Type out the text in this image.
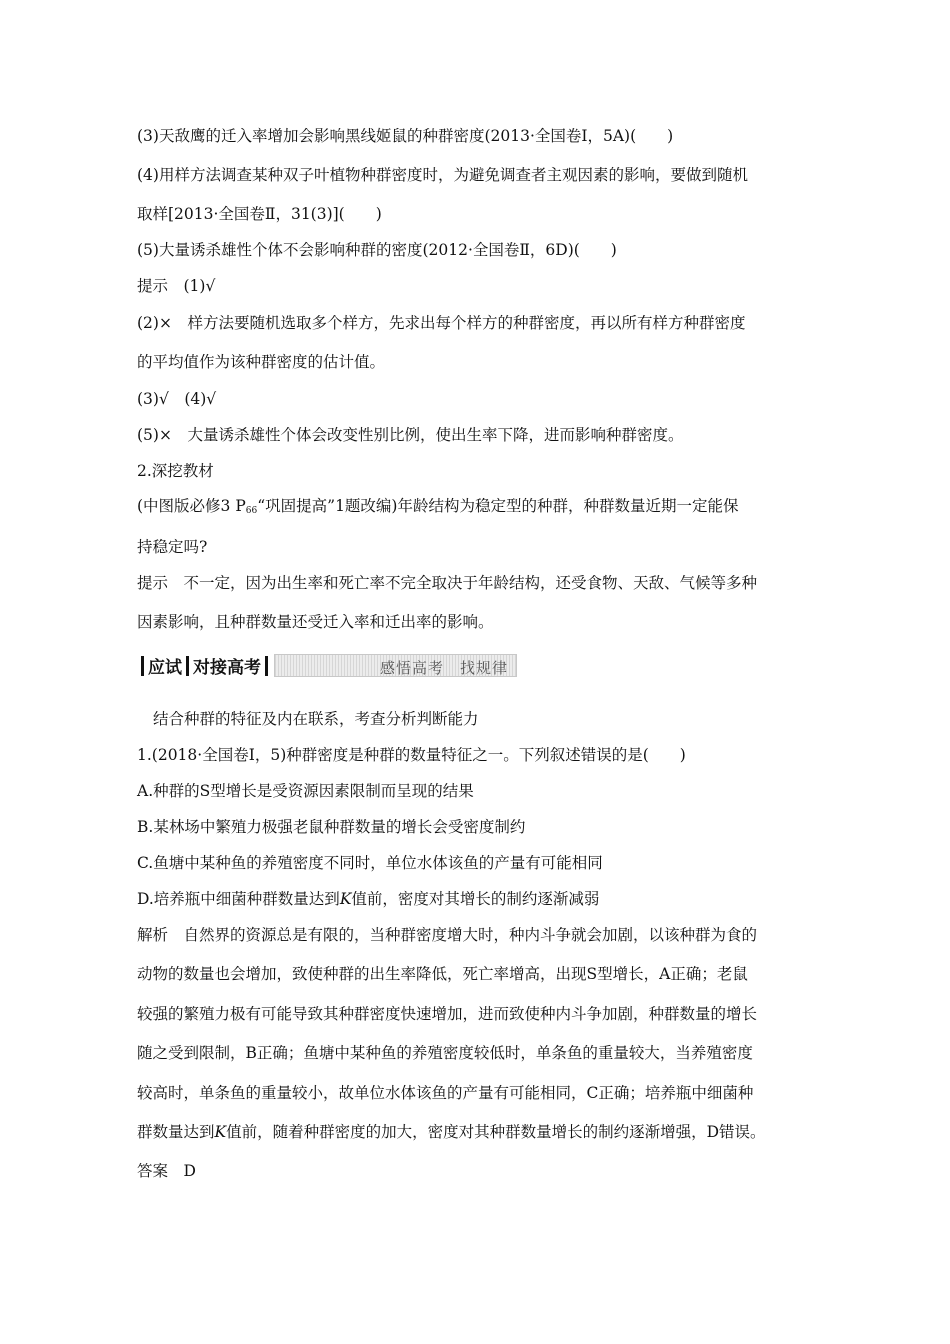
(3)天敌鹰的迁入率增加会影响黑线姬鼠的种群密度(2013·全国卷Ⅰ，5A)(　　)
(4)用样方法调查某种双子叶植物种群密度时，为避免调查者主观因素的影响，要做到随机
取样[2013·全国卷Ⅱ，31(3)](　　)
(5)大量诱杀雄性个体不会影响种群的密度(2012·全国卷Ⅱ，6D)(　　)
提示　(1)√
(2)×　样方法要随机选取多个样方，先求出每个样方的种群密度，再以所有样方种群密度
的平均值作为该种群密度的估计值。
(3)√　(4)√
(5)×　大量诱杀雄性个体会改变性别比例，使出生率下降，进而影响种群密度。
2.深挖教材
(中图版必修3 $P_{66}“$巩固提高”1题改编)年龄结构为稳定型的种群，种群数量近期一定能保
持稳定吗?
提示　不一定，因为出生率和死亡率不完全取决于年龄结构，还受食物、天敌、气候等多种
因素影响，且种群数量还受迁入率和迁出率的影响。
应试 对接高考	感悟高考　找规律
结合种群的特征及内在联系，考查分析判断能力
1.(2018·全国卷Ⅰ，5)种群密度是种群的数量特征之一。下列叙述错误的是(　　)
A.种群的S型增长是受资源因素限制而呈现的结果
B.某林场中繁殖力极强老鼠种群数量的增长会受密度制约
C.鱼塘中某种鱼的养殖密度不同时，单位水体该鱼的产量有可能相同
D.培养瓶中细菌种群数量达到K值前，密度对其增长的制约逐渐减弱
解析　自然界的资源总是有限的，当种群密度增大时，种内斗争就会加剧，以该种群为食的
动物的数量也会增加，致使种群的出生率降低，死亡率增高，出现S型增长，A正确；老鼠
较强的繁殖力极有可能导致其种群密度快速增加，进而致使种内斗争加剧，种群数量的增长
随之受到限制，B正确；鱼塘中某种鱼的养殖密度较低时，单条鱼的重量较大，当养殖密度
较高时，单条鱼的重量较小，故单位水体该鱼的产量有可能相同，C正确；培养瓶中细菌种
群数量达到K值前，随着种群密度的加大，密度对其种群数量增长的制约逐渐增强，D错误。
答案　D
